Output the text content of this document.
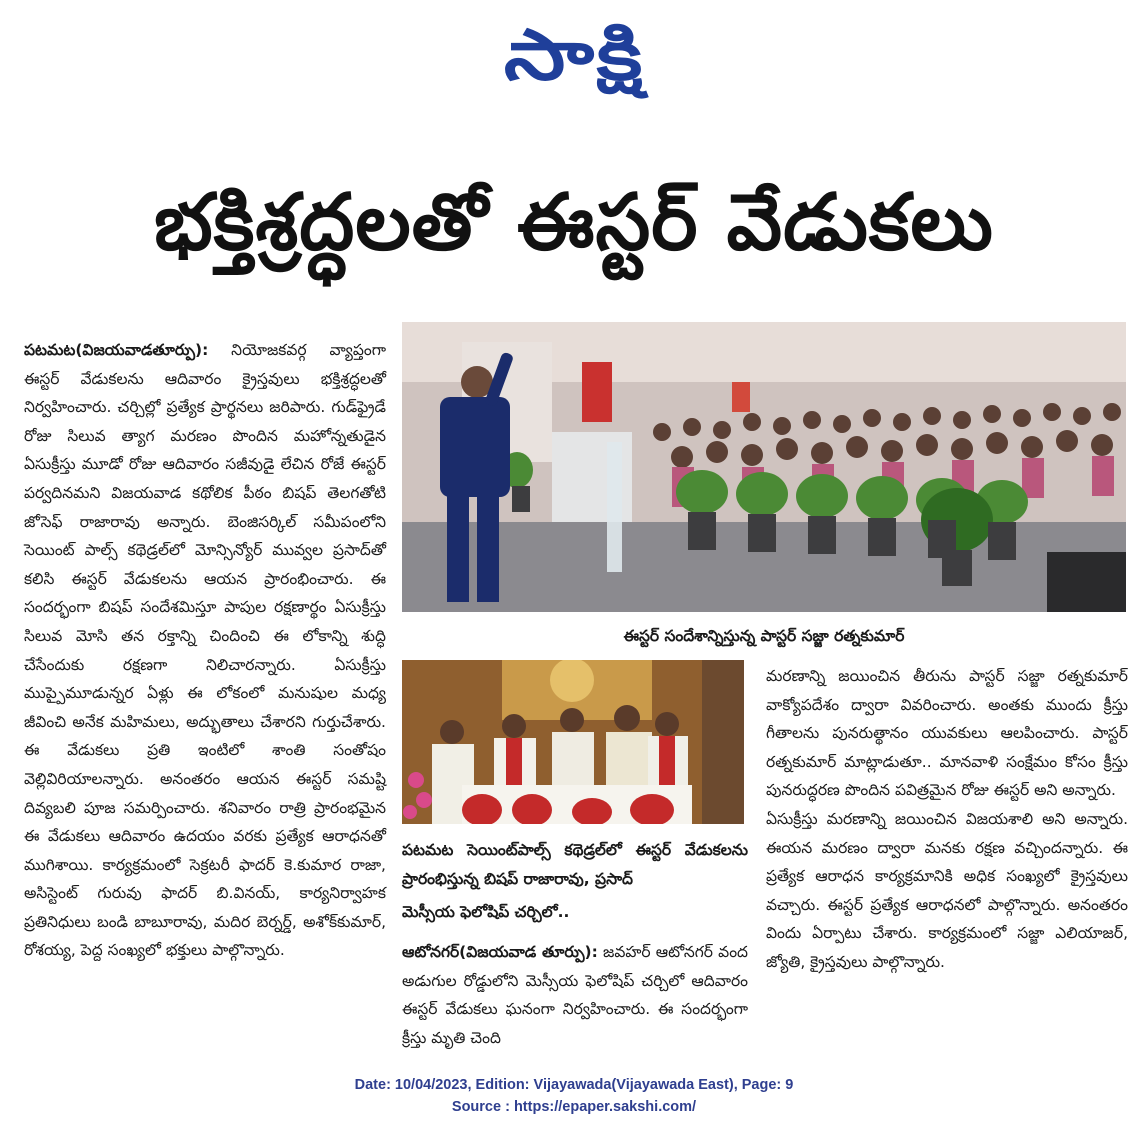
సాక్షి
భక్తిశ్రద్ధలతో ఈస్టర్ వేడుకలు

పటమట(విజయవాడతూర్పు): నియోజకవర్గ వ్యాప్తంగా ఈస్టర్ వేడుకలను ఆదివారం క్రైస్తవులు భక్తిశ్రద్ధలతో నిర్వహించారు. చర్చిల్లో ప్రత్యేక ప్రార్థనలు జరిపారు. గుడ్‌ఫ్రైడే రోజు సిలువ త్యాగ మరణం పొందిన మహోన్నతుడైన ఏసుక్రీస్తు మూడో రోజు ఆదివారం సజీవుడై లేచిన రోజే ఈస్టర్ పర్వదినమని విజయవాడ కథోలిక పీఠం బిషప్ తెలగతోటి జోసెఫ్ రాజారావు అన్నారు. బెంజిసర్కిల్ సమీపంలోని సెయింట్ పాల్స్ కథెడ్రల్‌లో మోన్సిన్యోర్ మువ్వల ప్రసాద్‌తో కలిసి ఈస్టర్ వేడుకలను ఆయన ప్రారంభించారు. ఈ సందర్భంగా బిషప్ సందేశమిస్తూ పాపుల రక్షణార్థం ఏసుక్రీస్తు సిలువ మోసి తన రక్తాన్ని చిందించి ఈ లోకాన్ని శుద్ధి చేసేందుకు రక్షణగా నిలిచారన్నారు. ఏసుక్రీస్తు ముప్పైమూడున్నర ఏళ్లు ఈ లోకంలో మనుషుల మధ్య జీవించి అనేక మహిమలు, అద్భుతాలు చేశారని గుర్తుచేశారు. ఈ వేడుకలు ప్రతి ఇంటిలో శాంతి సంతోషం వెల్లివిరియాలన్నారు. అనంతరం ఆయన ఈస్టర్ సమష్టి దివ్యబలి పూజ సమర్పించారు. శనివారం రాత్రి ప్రారంభమైన ఈ వేడుకలు ఆదివారం ఉదయం వరకు ప్రత్యేక ఆరాధనతో ముగిశాయి. కార్యక్రమంలో సెక్రటరీ ఫాదర్ కె.కుమార రాజా, అసిస్టెంట్ గురువు ఫాదర్ బి.వినయ్, కార్యనిర్వాహక ప్రతినిధులు బండి బాబూరావు, మదిర బెర్నర్డ్, అశోక్‌కుమార్, రోశయ్య, పెద్ద సంఖ్యలో భక్తులు పాల్గొన్నారు.

ఈస్టర్ సందేశాన్నిస్తున్న పాస్టర్ సజ్జా రత్నకుమార్
పటమట సెయింట్‌పాల్స్ కథెడ్రల్‌లో ఈస్టర్ వేడుకలను ప్రారంభిస్తున్న బిషప్ రాజారావు, ప్రసాద్

ఆటోనగర్(విజయవాడ తూర్పు): జవహర్ ఆటోనగర్ వంద అడుగుల రోడ్డులోని మెస్సీయ ఫెలోషిప్ చర్చిలో ఆదివారం ఈస్టర్ వేడుకలు ఘనంగా నిర్వహించారు. ఈ సందర్భంగా క్రీస్తు మృతి చెంది

మెస్సీయ ఫెలోషిప్ చర్చిలో..

మరణాన్ని జయించిన తీరును పాస్టర్ సజ్జా రత్నకుమార్ వాక్యోపదేశం ద్వారా వివరించారు. అంతకు ముందు క్రీస్తు గీతాలను పునరుత్థానం యువకులు ఆలపించారు. పాస్టర్ రత్నకుమార్ మాట్లాడుతూ.. మానవాళి సంక్షేమం కోసం క్రీస్తు పునరుద్ధరణ పొందిన పవిత్రమైన రోజు ఈస్టర్ అని అన్నారు.

ఏసుక్రీస్తు మరణాన్ని జయించిన విజయశాలి అని అన్నారు. ఈయన మరణం ద్వారా మనకు రక్షణ వచ్చిందన్నారు. ఈ ప్రత్యేక ఆరాధన కార్యక్రమానికి అధిక సంఖ్యలో క్రైస్తవులు వచ్చారు. ఈస్టర్ ప్రత్యేక ఆరాధనలో పాల్గొన్నారు. అనంతరం విందు ఏర్పాటు చేశారు. కార్యక్రమంలో సజ్జా ఎలియాజర్, జ్యోతి, క్రైస్తవులు పాల్గొన్నారు.

Date: 10/04/2023, Edition: Vijayawada(Vijayawada East), Page: 9
Source : https://epaper.sakshi.com/
